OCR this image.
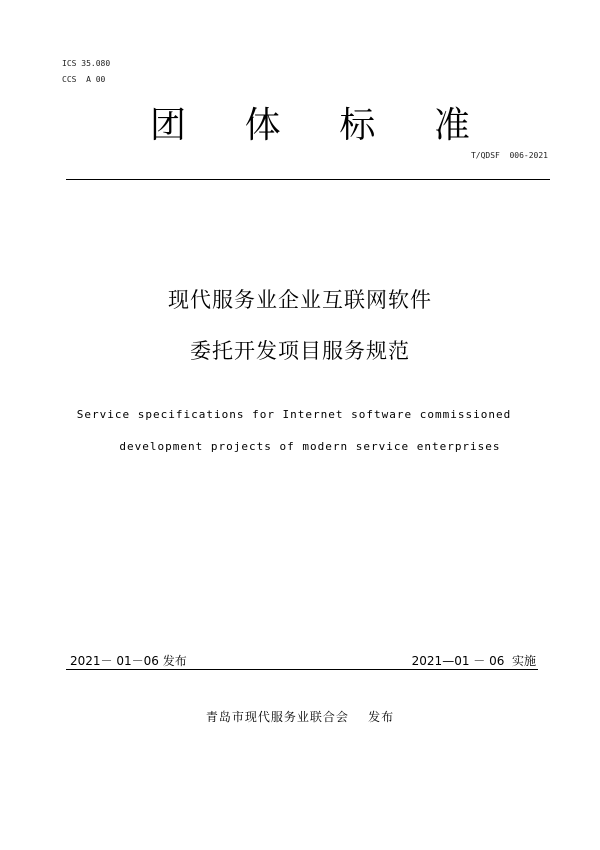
ICS 35.080
CCS  A 00
团 体 标 准
T/QDSF  006-2021
现代服务业企业互联网软件
委托开发项目服务规范
Service specifications for Internet software commissioned
development projects of modern service enterprises
2021－ 01－06 发布	2021—01 － 06  实施
青岛市现代服务业联合会    发布
